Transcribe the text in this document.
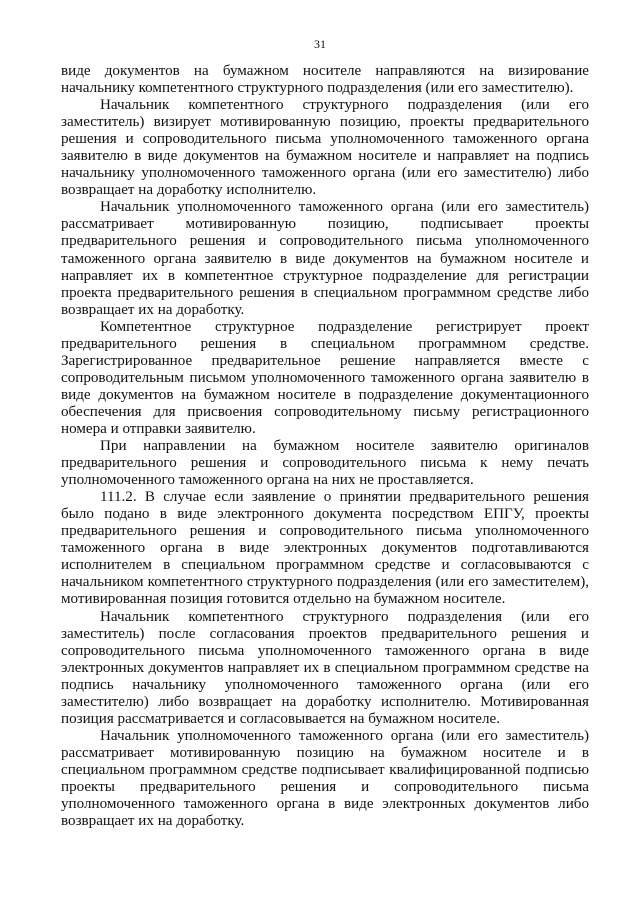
31

виде документов на бумажном носителе направляются на визирование начальнику компетентного структурного подразделения (или его заместителю).

Начальник компетентного структурного подразделения (или его заместитель) визирует мотивированную позицию, проекты предварительного решения и сопроводительного письма уполномоченного таможенного органа заявителю в виде документов на бумажном носителе и направляет на подпись начальнику уполномоченного таможенного органа (или его заместителю) либо возвращает на доработку исполнителю.

Начальник уполномоченного таможенного органа (или его заместитель) рассматривает мотивированную позицию, подписывает проекты предварительного решения и сопроводительного письма уполномоченного таможенного органа заявителю в виде документов на бумажном носителе и направляет их в компетентное структурное подразделение для регистрации проекта предварительного решения в специальном программном средстве либо возвращает их на доработку.

Компетентное структурное подразделение регистрирует проект предварительного решения в специальном программном средстве. Зарегистрированное предварительное решение направляется вместе с сопроводительным письмом уполномоченного таможенного органа заявителю в виде документов на бумажном носителе в подразделение документационного обеспечения для присвоения сопроводительному письму регистрационного номера и отправки заявителю.

При направлении на бумажном носителе заявителю оригиналов предварительного решения и сопроводительного письма к нему печать уполномоченного таможенного органа на них не проставляется.

111.2. В случае если заявление о принятии предварительного решения было подано в виде электронного документа посредством ЕПГУ, проекты предварительного решения и сопроводительного письма уполномоченного таможенного органа в виде электронных документов подготавливаются исполнителем в специальном программном средстве и согласовываются с начальником компетентного структурного подразделения (или его заместителем), мотивированная позиция готовится отдельно на бумажном носителе.

Начальник компетентного структурного подразделения (или его заместитель) после согласования проектов предварительного решения и сопроводительного письма уполномоченного таможенного органа в виде электронных документов направляет их в специальном программном средстве на подпись начальнику уполномоченного таможенного органа (или его заместителю) либо возвращает на доработку исполнителю. Мотивированная позиция рассматривается и согласовывается на бумажном носителе.

Начальник уполномоченного таможенного органа (или его заместитель) рассматривает мотивированную позицию на бумажном носителе и в специальном программном средстве подписывает квалифицированной подписью проекты предварительного решения и сопроводительного письма уполномоченного таможенного органа в виде электронных документов либо возвращает их на доработку.
